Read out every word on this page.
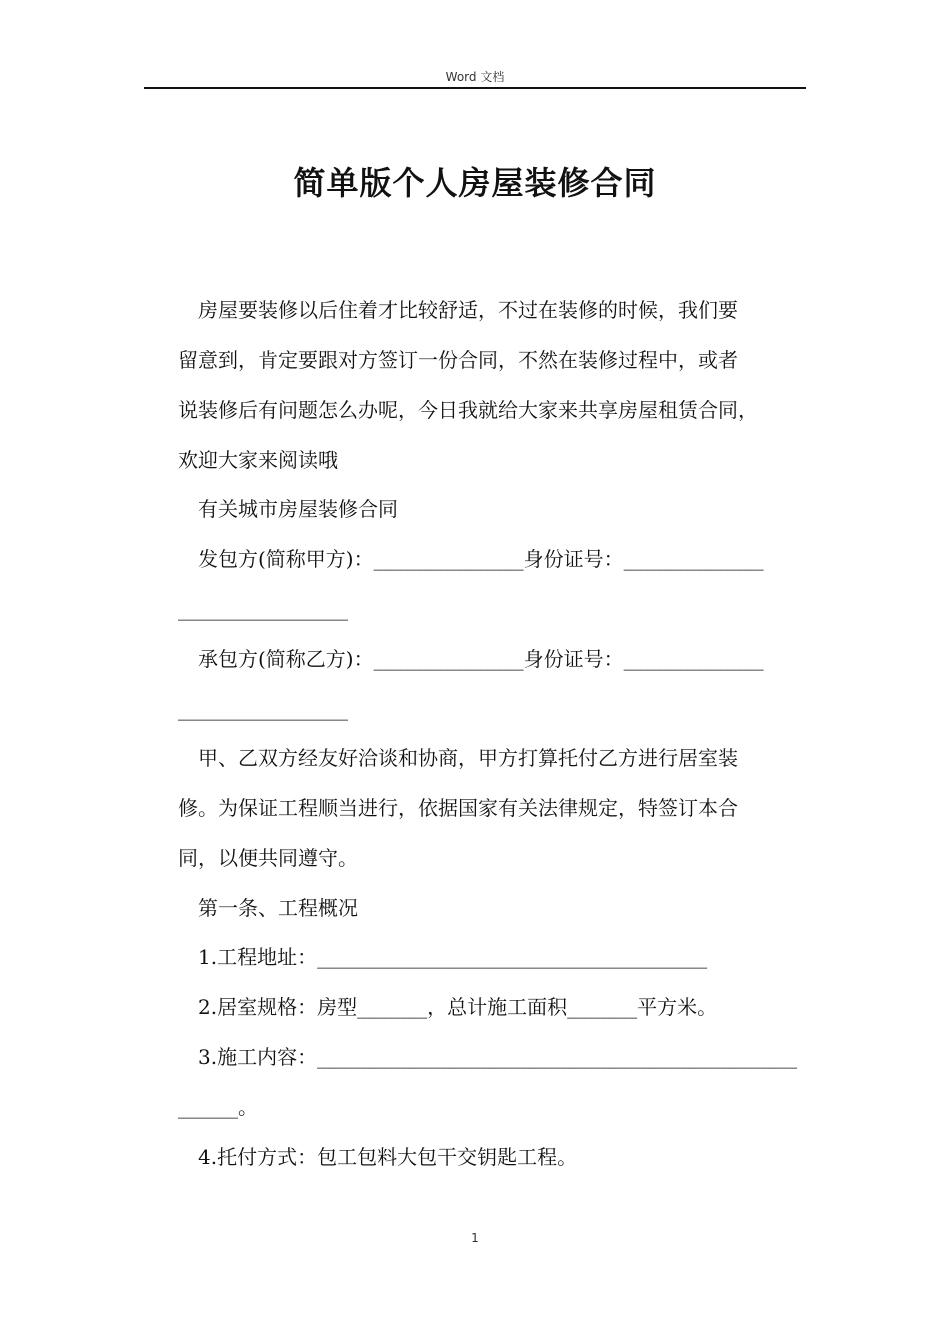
Word 文档
简单版个人房屋装修合同
房屋要装修以后住着才比较舒适，不过在装修的时候，我们要
留意到，肯定要跟对方签订一份合同，不然在装修过程中，或者
说装修后有问题怎么办呢，今日我就给大家来共享房屋租赁合同，
欢迎大家来阅读哦
有关城市房屋装修合同
发包方(简称甲方)：_______________身份证号：______________
_________________
承包方(简称乙方)：_______________身份证号：______________
_________________
甲、乙双方经友好洽谈和协商，甲方打算托付乙方进行居室装
修。为保证工程顺当进行，依据国家有关法律规定，特签订本合
同，以便共同遵守。
第一条、工程概况
1.工程地址：_______________________________________
2.居室规格：房型_______，总计施工面积_______平方米。
3.施工内容：________________________________________________
______。
4.托付方式：包工包料大包干交钥匙工程。
1
